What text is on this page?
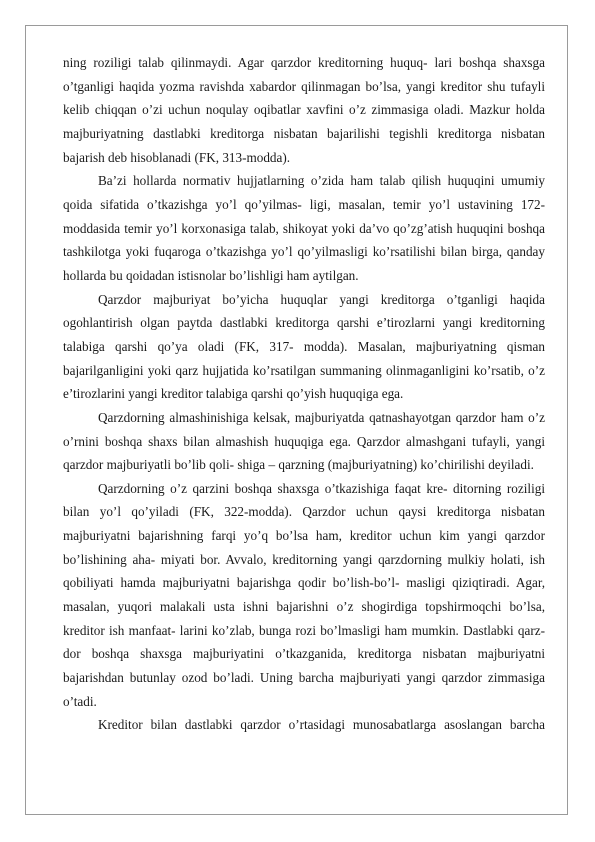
ning roziligi talab qilinmaydi. Agar qarzdor kreditorning huquq- lari boshqa shaxsga o’tganligi haqida yozma ravishda xabardor qilinmagan bo’lsa, yangi kreditor shu tufayli kelib chiqqan o’zi uchun noqulay oqibatlar xavfini o’z zimmasiga oladi. Mazkur holda majburiyatning dastlabki kreditorga nisbatan bajarilishi tegishli kreditorga nisbatan bajarish deb hisoblanadi (FK, 313-modda).

Ba’zi hollarda normativ hujjatlarning o’zida ham talab qilish huquqini umumiy qoida sifatida o’tkazishga yo’l qo’yilmas- ligi, masalan, temir yo’l ustavining 172-moddasida temir yo’l korxonasiga talab, shikoyat yoki da’vo qo’zg’atish huquqini boshqa tashkilotga yoki fuqaroga o’tkazishga yo’l qo’yilmasligi ko’rsatilishi bilan birga, qanday hollarda bu qoidadan istisnolar bo’lishligi ham aytilgan.

Qarzdor majburiyat bo’yicha huquqlar yangi kreditorga o’tganligi haqida ogohlantirish olgan paytda dastlabki kreditorga qarshi e’tirozlarni yangi kreditorning talabiga qarshi qo’ya oladi (FK, 317- modda). Masalan, majburiyatning qisman bajarilganligini yoki qarz hujjatida ko’rsatilgan summaning olinmaganligini ko’rsatib, o’z e’tirozlarini yangi kreditor talabiga qarshi qo’yish huquqiga ega.

Qarzdorning almashinishiga kelsak, majburiyatda qatnashayotgan qarzdor ham o’z o’rnini boshqa shaxs bilan almashish huquqiga ega. Qarzdor almashgani tufayli, yangi qarzdor majburiyatli bo’lib qoli- shiga – qarzning (majburiyatning) ko’chirilishi deyiladi.

Qarzdorning o’z qarzini boshqa shaxsga o’tkazishiga faqat kre- ditorning roziligi bilan yo’l qo’yiladi (FK, 322-modda). Qarzdor uchun qaysi kreditorga nisbatan majburiyatni bajarishning farqi yo’q bo’lsa ham, kreditor uchun kim yangi qarzdor bo’lishining aha- miyati bor. Avvalo, kreditorning yangi qarzdorning mulkiy holati, ish qobiliyati hamda majburiyatni bajarishga qodir bo’lish-bo’l- masligi qiziqtiradi. Agar, masalan, yuqori malakali usta ishni bajarishni o’z shogirdiga topshirmoqchi bo’lsa, kreditor ish manfaat- larini ko’zlab, bunga rozi bo’lmasligi ham mumkin. Dastlabki qarz- dor boshqa shaxsga majburiyatini o’tkazganida, kreditorga nisbatan majburiyatni bajarishdan butunlay ozod bo’ladi. Uning barcha majburiyati yangi qarzdor zimmasiga o’tadi.

Kreditor bilan dastlabki qarzdor o’rtasidagi munosabatlarga asoslangan barcha
